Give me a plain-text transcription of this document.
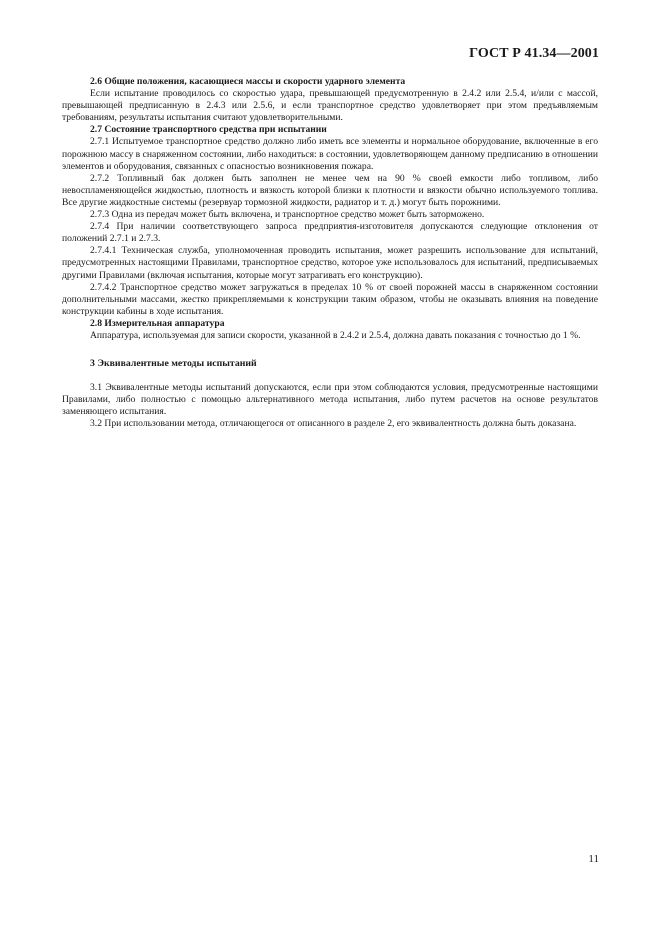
ГОСТ Р 41.34—2001
2.6 Общие положения, касающиеся массы и скорости ударного элемента

Если испытание проводилось со скоростью удара, превышающей предусмотренную в 2.4.2 или 2.5.4, и/или с массой, превышающей предписанную в 2.4.3 или 2.5.6, и если транспортное средство удовлетворяет при этом предъявляемым требованиям, результаты испытания считают удовлетворительными.

2.7 Состояние транспортного средства при испытании

2.7.1 Испытуемое транспортное средство должно либо иметь все элементы и нормальное оборудование, включенные в его порожнюю массу в снаряженном состоянии, либо находиться: в состоянии, удовлетворяющем данному предписанию в отношении элементов и оборудования, связанных с опасностью возникновения пожара.

2.7.2 Топливный бак должен быть заполнен не менее чем на 90 % своей емкости либо топливом, либо невоспламеняющейся жидкостью, плотность и вязкость которой близки к плотности и вязкости обычно используемого топлива. Все другие жидкостные системы (резервуар тормозной жидкости, радиатор и т. д.) могут быть порожними.

2.7.3 Одна из передач может быть включена, и транспортное средство может быть заторможено.

2.7.4 При наличии соответствующего запроса предприятия-изготовителя допускаются следующие отклонения от положений 2.7.1 и 2.7.3.

2.7.4.1 Техническая служба, уполномоченная проводить испытания, может разрешить использование для испытаний, предусмотренных настоящими Правилами, транспортное средство, которое уже использовалось для испытаний, предписываемых другими Правилами (включая испытания, которые могут затрагивать его конструкцию).

2.7.4.2 Транспортное средство может загружаться в пределах 10 % от своей порожней массы в снаряженном состоянии дополнительными массами, жестко прикрепляемыми к конструкции таким образом, чтобы не оказывать влияния на поведение конструкции кабины в ходе испытания.

2.8 Измерительная аппаратура

Аппаратура, используемая для записи скорости, указанной в 2.4.2 и 2.5.4, должна давать показания с точностью до 1 %.

3 Эквивалентные методы испытаний

3.1 Эквивалентные методы испытаний допускаются, если при этом соблюдаются условия, предусмотренные настоящими Правилами, либо полностью с помощью альтернативного метода испытания, либо путем расчетов на основе результатов заменяющего испытания.

3.2 При использовании метода, отличающегося от описанного в разделе 2, его эквивалентность должна быть доказана.

11
